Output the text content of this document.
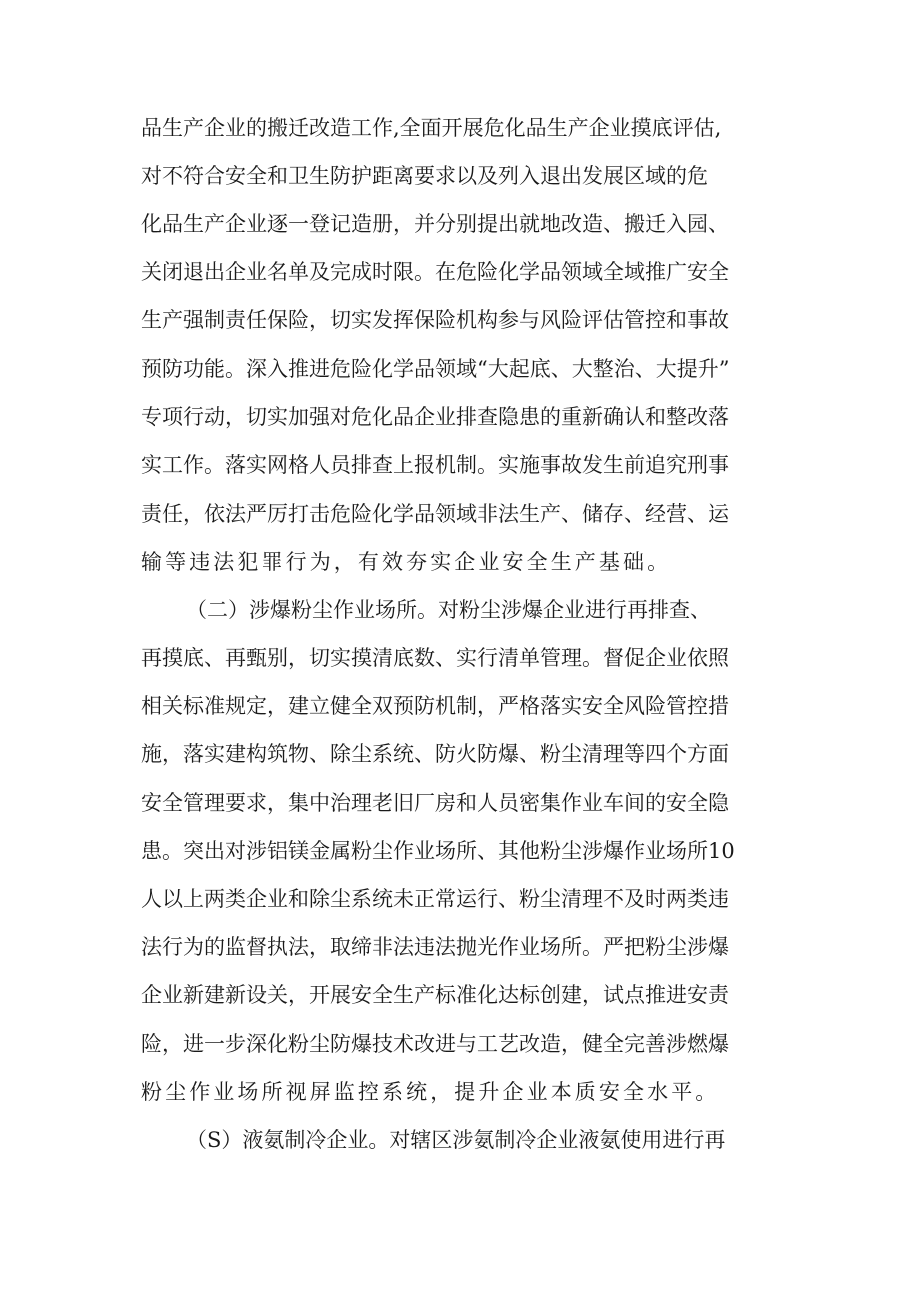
品生产企业的搬迁改造工作,全面开展危化品生产企业摸底评估,
对不符合安全和卫生防护距离要求以及列入退出发展区域的危
化品生产企业逐一登记造册，并分别提出就地改造、搬迁入园、
关闭退出企业名单及完成时限。在危险化学品领域全域推广安全
生产强制责任保险，切实发挥保险机构参与风险评估管控和事故
预防功能。深入推进危险化学品领域“大起底、大整治、大提升”
专项行动，切实加强对危化品企业排查隐患的重新确认和整改落
实工作。落实网格人员排查上报机制。实施事故发生前追究刑事
责任，依法严厉打击危险化学品领域非法生产、储存、经营、运
输等违法犯罪行为，有效夯实企业安全生产基础。
（二）涉爆粉尘作业场所。对粉尘涉爆企业进行再排查、
再摸底、再甄别，切实摸清底数、实行清单管理。督促企业依照
相关标准规定，建立健全双预防机制，严格落实安全风险管控措
施，落实建构筑物、除尘系统、防火防爆、粉尘清理等四个方面
安全管理要求，集中治理老旧厂房和人员密集作业车间的安全隐
患。突出对涉铝镁金属粉尘作业场所、其他粉尘涉爆作业场所10
人以上两类企业和除尘系统未正常运行、粉尘清理不及时两类违
法行为的监督执法，取缔非法违法抛光作业场所。严把粉尘涉爆
企业新建新设关，开展安全生产标准化达标创建，试点推进安责
险，进一步深化粉尘防爆技术改进与工艺改造，健全完善涉燃爆
粉尘作业场所视屏监控系统，提升企业本质安全水平。
（S）液氨制冷企业。对辖区涉氨制冷企业液氨使用进行再
